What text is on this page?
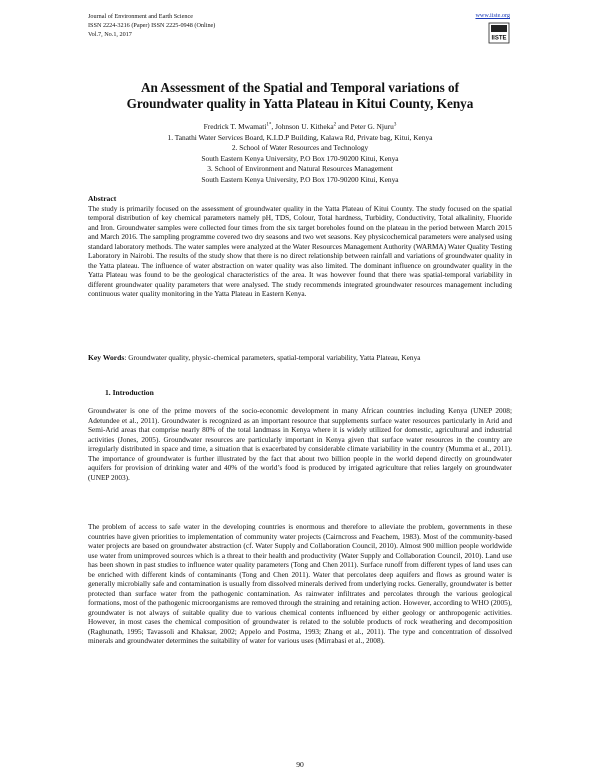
Journal of Environment and Earth Science
ISSN 2224-3216 (Paper) ISSN 2225-0948 (Online)
Vol.7, No.1, 2017
www.iiste.org
IISTE
An Assessment of the Spatial and Temporal variations of
Groundwater quality in Yatta Plateau in Kitui County, Kenya
Fredrick T. Mwamati$^{1*}$, Johnson U. Kitheka$^2$ and Peter G. Njuru$^3$
1. Tanathi Water Services Board, K.I.D.P Building, Kalawa Rd, Private bag, Kitui, Kenya
2. School of Water Resources and Technology
South Eastern Kenya University, P.O Box 170-90200 Kitui, Kenya
3. School of Environment and Natural Resources Management
South Eastern Kenya University, P.O Box 170-90200 Kitui, Kenya
Abstract
The study is primarily focused on the assessment of groundwater quality in the Yatta Plateau of Kitui County. The study focused on the spatial temporal distribution of key chemical parameters namely pH, TDS, Colour, Total hardness, Turbidity, Conductivity, Total alkalinity, Fluoride and Iron. Groundwater samples were collected four times from the six target boreholes found on the plateau in the period between March 2015 and March 2016. The sampling programme covered two dry seasons and two wet seasons. Key physicochemical parameters were analysed using standard laboratory methods. The water samples were analyzed at the Water Resources Management Authority (WARMA) Water Quality Testing Laboratory in Nairobi. The results of the study show that there is no direct relationship between rainfall and variations of groundwater quality in the Yatta plateau. The influence of water abstraction on water quality was also limited. The dominant influence on groundwater quality in the Yatta Plateau was found to be the geological characteristics of the area. It was however found that there was spatial-temporal variability in different groundwater quality parameters that were analysed. The study recommends integrated groundwater resources management including continuous water quality monitoring in the Yatta Plateau in Eastern Kenya.
Key Words: Groundwater quality, physic-chemical parameters, spatial-temporal variability, Yatta Plateau, Kenya
1. Introduction
Groundwater is one of the prime movers of the socio-economic development in many African countries including Kenya (UNEP 2008; Adetundee et al., 2011). Groundwater is recognized as an important resource that supplements surface water resources particularly in Arid and Semi-Arid areas that comprise nearly 80% of the total landmass in Kenya where it is widely utilized for domestic, agricultural and industrial activities (Jones, 2005). Groundwater resources are particularly important in Kenya given that surface water resources in the country are irregularly distributed in space and time, a situation that is exacerbated by considerable climate variability in the country (Mumma et al., 2011). The importance of groundwater is further illustrated by the fact that about two billion people in the world depend directly on groundwater aquifers for provision of drinking water and 40% of the world’s food is produced by irrigated agriculture that relies largely on groundwater (UNEP 2003).
The problem of access to safe water in the developing countries is enormous and therefore to alleviate the problem, governments in these countries have given priorities to implementation of community water projects (Cairncross and Feachem, 1983). Most of the community-based water projects are based on groundwater abstraction (cf. Water Supply and Collaboration Council, 2010). Almost 900 million people worldwide use water from unimproved sources which is a threat to their health and productivity (Water Supply and Collaboration Council, 2010). Land use has been shown in past studies to influence water quality parameters (Tong and Chen 2011). Surface runoff from different types of land uses can be enriched with different kinds of contaminants (Tong and Chen 2011). Water that percolates deep aquifers and flows as ground water is generally microbially safe and contamination is usually from dissolved minerals derived from underlying rocks. Generally, groundwater is better protected than surface water from the pathogenic contamination. As rainwater infiltrates and percolates through the various geological formations, most of the pathogenic microorganisms are removed through the straining and retaining action. However, according to WHO (2005), groundwater is not always of suitable quality due to various chemical contents influenced by either geology or anthropogenic activities. However, in most cases the chemical composition of groundwater is related to the soluble products of rock weathering and decomposition (Raghunath, 1995; Tavassoli and Khaksar, 2002; Appelo and Postma, 1993; Zhang et al., 2011). The type and concentration of dissolved minerals and groundwater determines the suitability of water for various uses (Mirrabasi et al., 2008).
90
